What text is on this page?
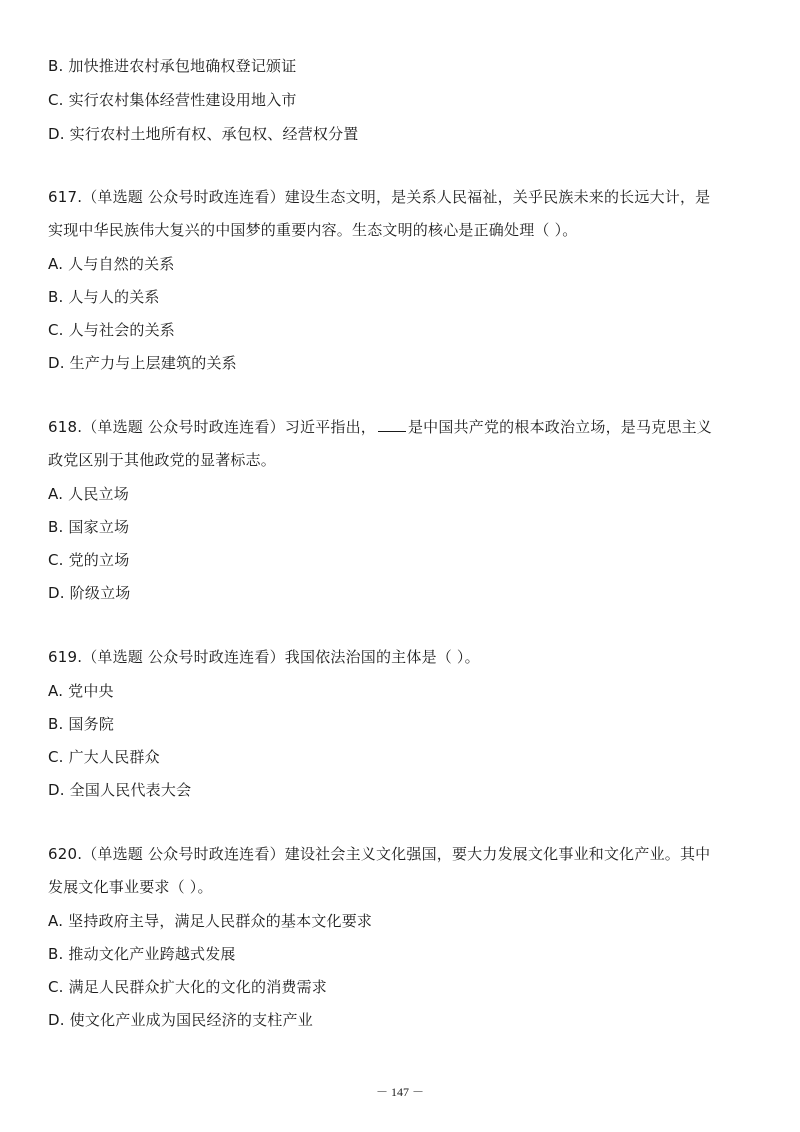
B. 加快推进农村承包地确权登记颁证
C. 实行农村集体经营性建设用地入市
D. 实行农村土地所有权、承包权、经营权分置
617.（单选题 公众号时政连连看）建设生态文明，是关系人民福祉，关乎民族未来的长远大计，是
实现中华民族伟大复兴的中国梦的重要内容。生态文明的核心是正确处理（ ）。
A. 人与自然的关系
B. 人与人的关系
C. 人与社会的关系
D. 生产力与上层建筑的关系
618.（单选题 公众号时政连连看）习近平指出， 是中国共产党的根本政治立场，是马克思主义
政党区别于其他政党的显著标志。
A. 人民立场
B. 国家立场
C. 党的立场
D. 阶级立场
619.（单选题 公众号时政连连看）我国依法治国的主体是（ ）。
A. 党中央
B. 国务院
C. 广大人民群众
D. 全国人民代表大会
620.（单选题 公众号时政连连看）建设社会主义文化强国，要大力发展文化事业和文化产业。其中
发展文化事业要求（ ）。
A. 坚持政府主导，满足人民群众的基本文化要求
B. 推动文化产业跨越式发展
C. 满足人民群众扩大化的文化的消费需求
D. 使文化产业成为国民经济的支柱产业
－ 147 －
